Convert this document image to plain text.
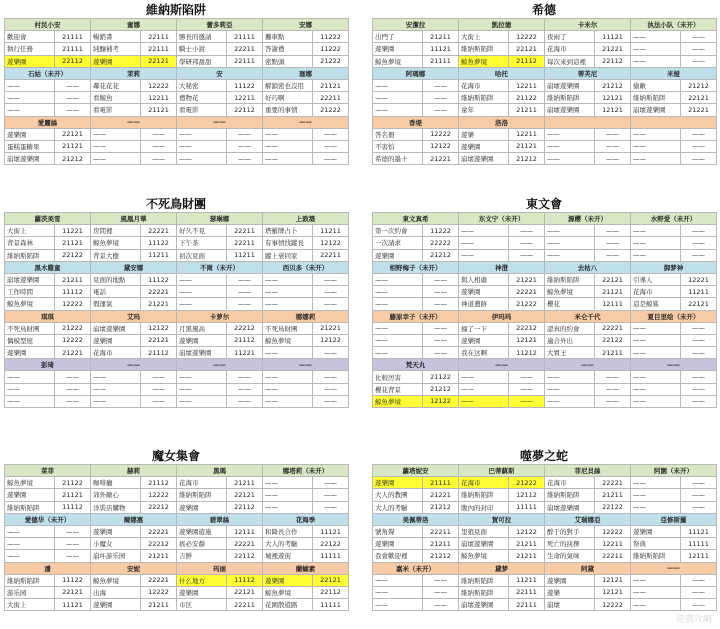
維納斯陷阱
村民小安		蜜娜		蕾多莉亞		安娜	
歡迎會	21111	暢銷書	22111	勝長的邀請	21111	攤車點	11222
執行任務	21111	純釀補考	22111	騎士小說	22211	答謝禮	11222
遊樂園	22112	遊樂園	22121	學研邦甜甜	22111	密點頭	21222
石姑（未开）		茉莉		安		珈娜	
——	——	鄰花花花	12222	大秘密	11122	解鎖密也沒用	21121
——	——	看鯨魚	12211	禮物花	12211	好巧啊	22211
——	——	看電影	21121	看電影	22112	重要的事情	21222
愛麗絲		——		——		——	
遊樂園	22121	——	——	——	——	——	——
蛋糕蛋糖果	21121	——	——	——	——	——	——
崩壞遊樂園	21212	——	——	——	——	——	——
希德
安潔拉		凱拉德		卡米尔		执法小队（未开）	
出門了	21211	大街上	12222	夜雨了	11121	——	——
遊樂園	11121	維納斯陷阱	22121	花海市	21221	——	——
鯨魚夢境	21111	鯨魚夢境	21112	每次來到這裡	22112	——	——
阿瑪娜		哈托		蒂芙尼		米娅	
——	——	花海市	12211	崩壞遊樂園	21212	偷敵	21212
——	——	維納斯陷阱	21122	維納斯陷阱	12121	維納斯陷阱	22121
——	——	童年	21211	崩壞遊樂園	12121	崩壞遊樂園	21221
香堤		洛洛					
答名冊	12222	遊樂	12211	——	——	——	——
不害怕	12122	遊樂園	21121	——	——	——	——
希德的墨十	21221	崩壞遊樂園	21212	——	——	——	——
不死鳥財團
蘿茨美雪		風凰月華		瑟琳娜		上敦築	
大街上	11221	房間裡	22221	好久不見	22211	塔羅牌占卜	11211
背景森林	21121	鯨魚夢境	11122	下午茶	22211	有事情找蹤長	12122
維納斯陷阱	22122	背景大樹	11211	初次見面	11211	蹤上衰同家	22211
黑木雞童		黛安娜		不崗（未开）		西贝多（未开）	
崩壞遊樂園	21211	見面的地點	11122	——	——	——	——
工作時間	11112	電話	22221	——	——	——	——
鯨魚夢境	12222	假運氣	21221	——	——	——	——
琪琪		艾玛		卡萝尔		娜娜莉	
不死鳥財團	21222	崩壞遊樂園	12122	月黑風高	22212	不死鳥財團	21221
偶模型屋	12222	遊樂園	22121	遊樂園	21112	鯨魚夢境	12122
遊樂園	21221	花海市	21112	崩壞遊樂園	11221	——	——
彭琦		——		——		——	
——	——	——	——	——	——	——	——
——	——	——	——	——	——	——	——
——	——	——	——	——	——	——	——
東文會
東文真希		东文宁（未开）		源樱（未开）		水野爱（未开）	
第一次約會	11222	——	——	——	——	——	——
一次請求	22222	——	——	——	——	——	——
遊樂園	21212	——	——	——	——	——	——
相野梅子（未开）		神澄		去枯八		御梦神	
——	——	與人相處	21221	維納斯陷阱	22121	引導人	12221
——	——	遊樂園	22221	鯨魚夢境	21121	花海市	11211
——	——	神道遺跡	21222	櫻花	12111	這是鯨鯊	22121
藤原幸子（未开）		伊玛玛		米仑千代		夏目里绘（未开）	
——	——	撞了一下	22212	認真的約會	22221	——	——
——	——	遊樂園	12121	適合外出	22122	——	——
——	——	我在这啊	11212	大胃王	21211	——	——
梵天丸		——		——		——	
比較厉害	21122	——	——	——	——	——	——
櫻花背景	21212	——	——	——	——	——	——
鯨魚夢境	12122	——	——	——	——	——	——
魔女集會
菜菲		赫莉		黑瑪		娜塔莉（未开）	
鯨魚夢境	21122	咖啡廳	21112	花海市	21211	——	——
遊樂園	21121	郊外敵心	12222	維納斯陷阱	22121	——	——
維納斯陷阱	11112	洋裝店購物	22212	遊樂園	22112	——	——
愛德华（未开）		爾娜惠		碧翠絲		花海季	
——	——	遊樂園	22221	遊樂園遊施	12111	和降長合作	11121
——	——	小魔女	22212	搖必安靜	22221	大人的考驗	22122
——	——	崩坏游乐园	21211	吉鲜	22112	城裡遊街	11111
潘		安妮		玛丽		蘭蝴素	
維納斯陷阱	11122	鯨魚夢境	22221	什么地方	11112	遊樂園	22121
游乐园	22121	出海	12222	遊樂園	22121	鯨魚夢境	22112
大街上	11121	遊樂園	21211	市区	22211	花園散遊路	11111
噬夢之蛇
蘿塔妮安		巴蒂蘇斯		菲尼貝絲		阿園（未开）	
遊樂園	21111	花海市	21222	花海市	22221	——	——
大人的教團	21221	維納斯陷阱	12112	維納斯陷阱	21211	——	——
大人的考驗	21212	腹內的封印	11111	崩壞遊樂園	22122	——	——
美佩蒂洛		賀可拉		艾瑞娜亞		亞修斯羅	
號角聲	22211	里狼見面	12122	醉于的對手	12222	遊樂園	11121
遊樂園	21211	崩壞遊樂園	21211	死亡的抉擇	12211	祭典	11111
我會歡迎裡	21212	鯨魚夢境	21211	生命的氣味	22211	維納斯陷阱	12111
嘉米（未开）		黛梦		阿黛		——	
——	——	維納斯陷阱	11211	遊樂園	12121	——	——
——	——	維納斯陷阱	22111	遊樂	12121	——	——
——	——	崩壞遊樂園	22111	崩壞	12222	——	——
遊戲攻略
